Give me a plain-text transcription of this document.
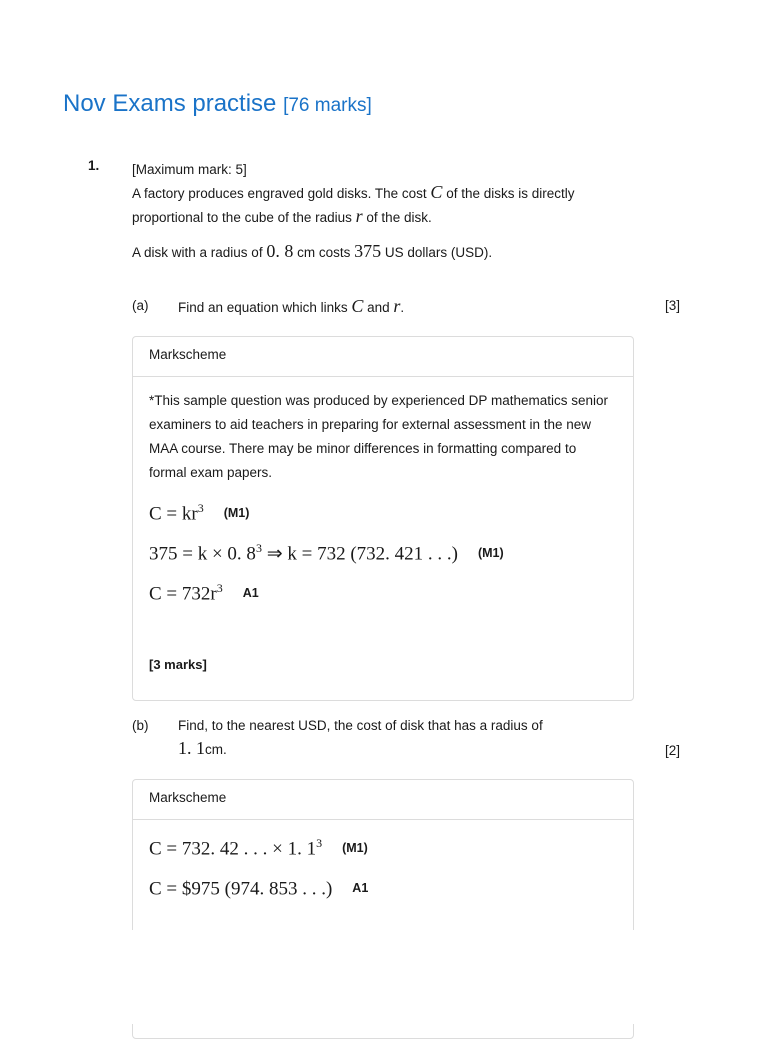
Nov Exams practise [76 marks]
1. [Maximum mark: 5]

A factory produces engraved gold disks. The cost C of the disks is directly proportional to the cube of the radius r of the disk.

A disk with a radius of 0. 8 cm costs 375 US dollars (USD).
(a) Find an equation which links C and r.	[3]
Markscheme

*This sample question was produced by experienced DP mathematics senior examiners to aid teachers in preparing for external assessment in the new MAA course. There may be minor differences in formatting compared to formal exam papers.

$C = kr^3$ (M1)
375 = k × 0. $8^3$ ⇒ k = 732 (732. 421 . . .) (M1)
$C = 732r^3$ A1
[3 marks]
(b) Find, to the nearest USD, the cost of disk that has a radius of
1. 1cm.	[2]
Markscheme
C = 732. 42 . . . × 1. $1^3$ (M1)
C = $975 (974. 853 . . .) A1
